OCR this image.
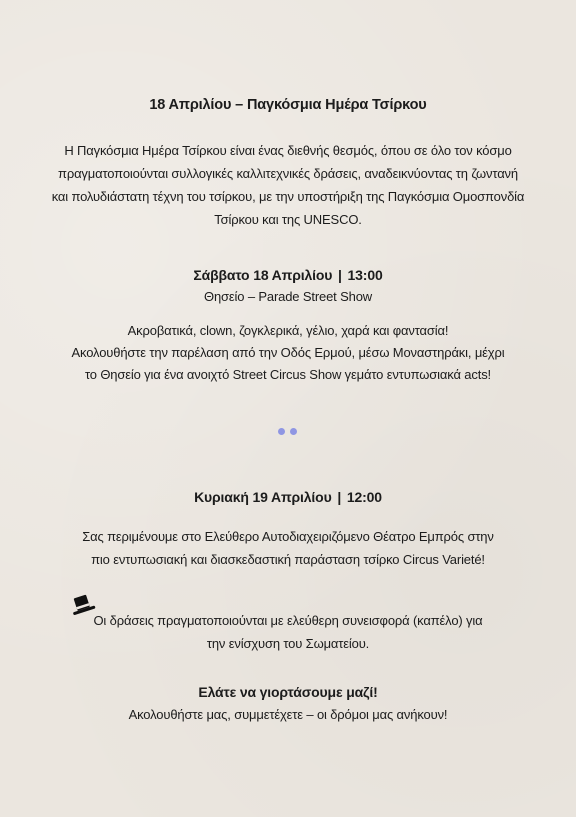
18 Απριλίου – Παγκόσμια Ημέρα Τσίρκου
Η Παγκόσμια Ημέρα Τσίρκου είναι ένας διεθνής θεσμός, όπου σε όλο τον κόσμο
πραγματοποιούνται συλλογικές καλλιτεχνικές δράσεις, αναδεικνύοντας τη ζωντανή
και πολυδιάστατη τέχνη του τσίρκου, με την υποστήριξη της Παγκόσμια Ομοσπονδία
Τσίρκου και της UNESCO.
Σάββατο 18 Απριλίου | 13:00
Θησείο – Parade Street Show
Ακροβατικά, clown, ζογκλερικά, γέλιο, χαρά και φαντασία!
Ακολουθήστε την παρέλαση από την Οδός Ερμού, μέσω Μοναστηράκι, μέχρι
το Θησείο για ένα ανοιχτό Street Circus Show γεμάτο εντυπωσιακά acts!
Κυριακή 19 Απριλίου | 12:00
Σας περιμένουμε στο Ελεύθερο Αυτοδιαχειριζόμενο Θέατρο Εμπρός στην
πιο εντυπωσιακή και διασκεδαστική παράσταση τσίρκο Circus Varieté!
Οι δράσεις πραγματοποιούνται με ελεύθερη συνεισφορά (καπέλο) για
την ενίσχυση του Σωματείου.
Ελάτε να γιορτάσουμε μαζί!
Ακολουθήστε μας, συμμετέχετε – οι δρόμοι μας ανήκουν!
